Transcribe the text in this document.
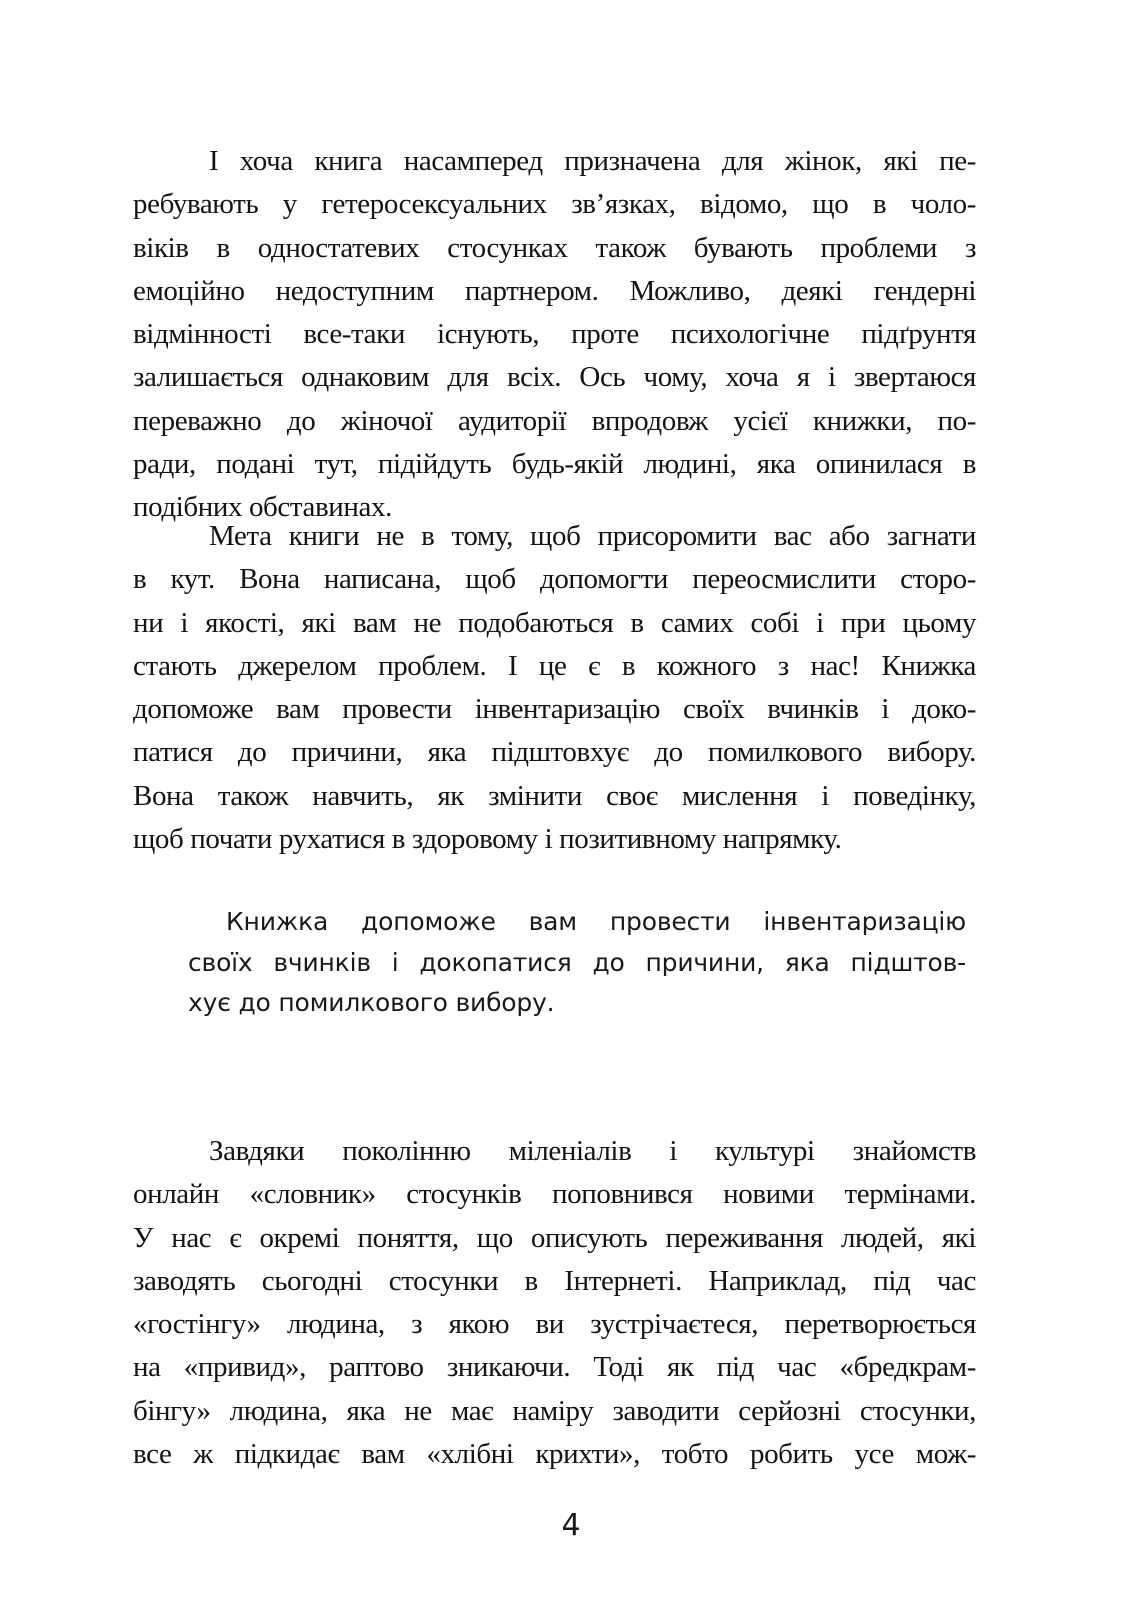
І хоча книга насамперед призначена для жінок, які пе-
ребувають у гетеросексуальних зв’язках, відомо, що в чоло-
віків в одностатевих стосунках також бувають проблеми з
емоційно недоступним партнером. Можливо, деякі гендерні
відмінності все-таки існують, проте психологічне підґрунтя
залишається однаковим для всіх. Ось чому, хоча я і звертаюся
переважно до жіночої аудиторії впродовж усієї книжки, по-
ради, подані тут, підійдуть будь-якій людині, яка опинилася в
подібних обставинах.

Мета книги не в тому, щоб присоромити вас або загнати
в кут. Вона написана, щоб допомогти переосмислити сторо-
ни і якості, які вам не подобаються в самих собі і при цьому
стають джерелом проблем. І це є в кожного з нас! Книжка
допоможе вам провести інвентаризацію своїх вчинків і доко-
патися до причини, яка підштовхує до помилкового вибору.
Вона також навчить, як змінити своє мислення і поведінку,
щоб почати рухатися в здоровому і позитивному напрямку.

Книжка допоможе вам провести інвентаризацію
своїх вчинків і докопатися до причини, яка підштов-
хує до помилкового вибору.

Завдяки поколінню міленіалів і культурі знайомств
онлайн «словник» стосунків поповнився новими термінами.
У нас є окремі поняття, що описують переживання людей, які
заводять сьогодні стосунки в Інтернеті. Наприклад, під час
«гостінгу» людина, з якою ви зустрічаєтеся, перетворюється
на «привид», раптово зникаючи. Тоді як під час «бредкрам-
бінгу» людина, яка не має наміру заводити серйозні стосунки,
все ж підкидає вам «хлібні крихти», тобто робить усе мож-

4
